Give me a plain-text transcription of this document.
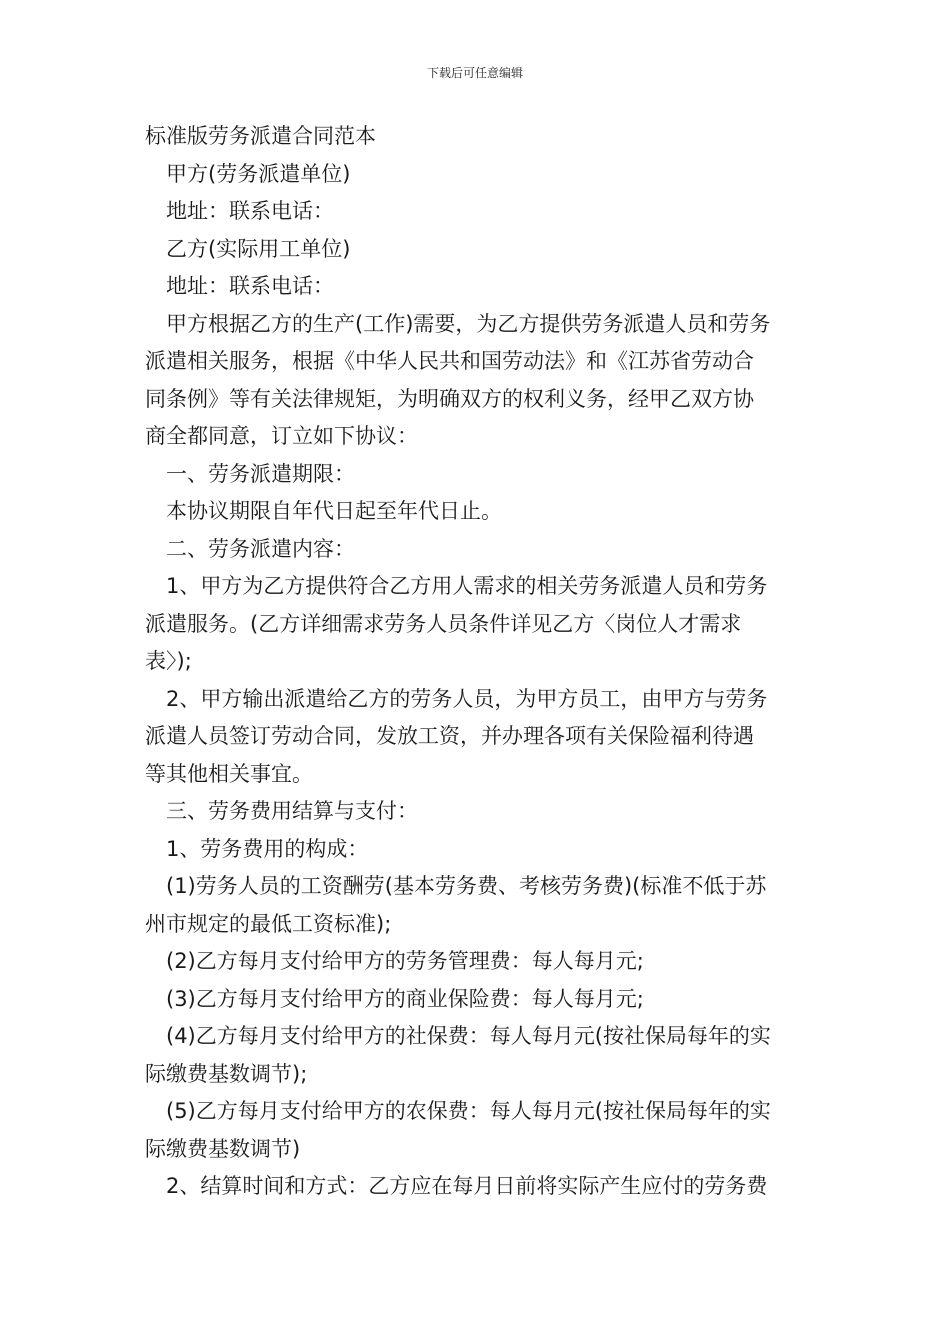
下载后可任意编辑
标准版劳务派遣合同范本
甲方(劳务派遣单位)
地址：联系电话：
乙方(实际用工单位)
地址：联系电话：
甲方根据乙方的生产(工作)需要，为乙方提供劳务派遣人员和劳务
派遣相关服务，根据《中华人民共和国劳动法》和《江苏省劳动合
同条例》等有关法律规矩，为明确双方的权利义务，经甲乙双方协
商全都同意，订立如下协议：
一、劳务派遣期限：
本协议期限自年代日起至年代日止。
二、劳务派遣内容：
1、甲方为乙方提供符合乙方用人需求的相关劳务派遣人员和劳务
派遣服务。(乙方详细需求劳务人员条件详见乙方〈岗位人才需求
表〉);
2、甲方输出派遣给乙方的劳务人员，为甲方员工，由甲方与劳务
派遣人员签订劳动合同，发放工资，并办理各项有关保险福利待遇
等其他相关事宜。
三、劳务费用结算与支付：
1、劳务费用的构成：
(1)劳务人员的工资酬劳(基本劳务费、考核劳务费)(标准不低于苏
州市规定的最低工资标准);
(2)乙方每月支付给甲方的劳务管理费：每人每月元;
(3)乙方每月支付给甲方的商业保险费：每人每月元;
(4)乙方每月支付给甲方的社保费：每人每月元(按社保局每年的实
际缴费基数调节);
(5)乙方每月支付给甲方的农保费：每人每月元(按社保局每年的实
际缴费基数调节)
2、结算时间和方式：乙方应在每月日前将实际产生应付的劳务费
